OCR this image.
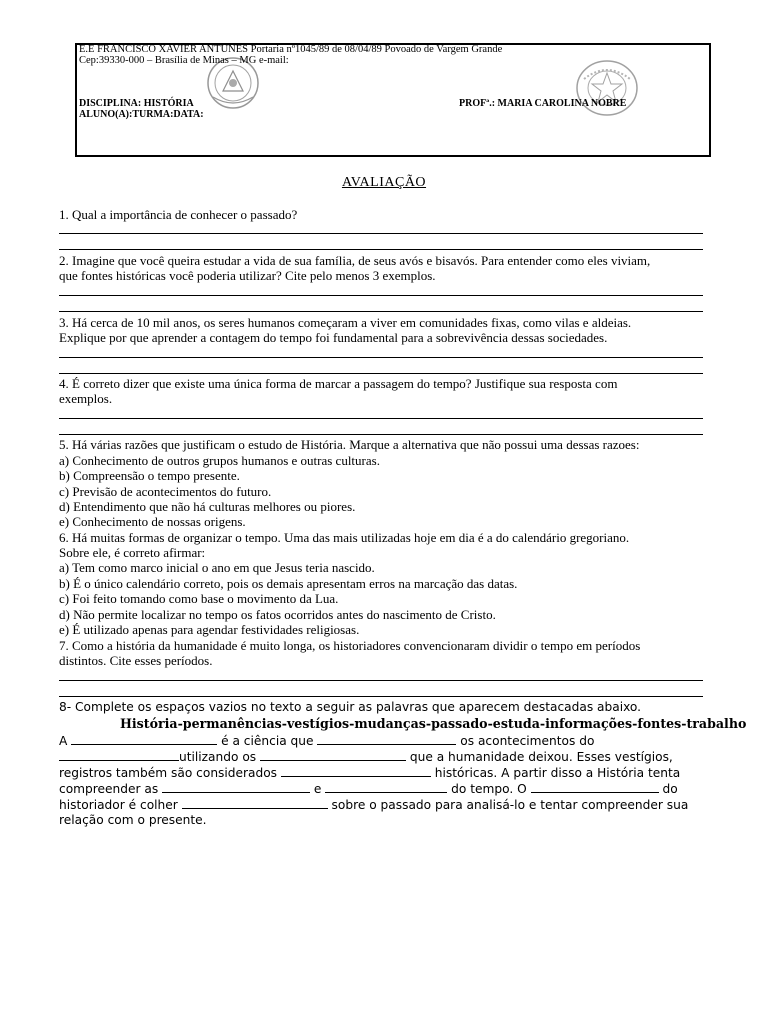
E.E FRANCISCO XAVIER ANTUNES Portaria nº1045/89 de 08/04/89 Povoado de Vargem Grande
Cep:39330-000 – Brasília de Minas – MG e-mail:
DISCIPLINA: HISTÓRIA	PROFª.: MARIA CAROLINA NOBRE
ALUNO(A):TURMA:DATA:
AVALIAÇÃO
1. Qual a importância de conhecer o passado?
2. Imagine que você queira estudar a vida de sua família, de seus avós e bisavós. Para entender como eles viviam,
que fontes históricas você poderia utilizar? Cite pelo menos 3 exemplos.
3. Há cerca de 10 mil anos, os seres humanos começaram a viver em comunidades fixas, como vilas e aldeias.
Explique por que aprender a contagem do tempo foi fundamental para a sobrevivência dessas sociedades.
4. É correto dizer que existe uma única forma de marcar a passagem do tempo? Justifique sua resposta com
exemplos.
5. Há várias razões que justificam o estudo de História. Marque a alternativa que não possui uma dessas razoes:
a) Conhecimento de outros grupos humanos e outras culturas.
b) Compreensão o tempo presente.
c) Previsão de acontecimentos do futuro.
d) Entendimento que não há culturas melhores ou piores.
e) Conhecimento de nossas origens.
6. Há muitas formas de organizar o tempo. Uma das mais utilizadas hoje em dia é a do calendário gregoriano.
Sobre ele, é correto afirmar:
a) Tem como marco inicial o ano em que Jesus teria nascido.
b) É o único calendário correto, pois os demais apresentam erros na marcação das datas.
c) Foi feito tomando como base o movimento da Lua.
d) Não permite localizar no tempo os fatos ocorridos antes do nascimento de Cristo.
e) É utilizado apenas para agendar festividades religiosas.
7. Como a história da humanidade é muito longa, os historiadores convencionaram dividir o tempo em períodos
distintos. Cite esses períodos.
8- Complete os espaços vazios no texto a seguir as palavras que aparecem destacadas abaixo.
História-permanências-vestígios-mudanças-passado-estuda-informações-fontes-trabalho
A	é a ciência que	os acontecimentos do
utilizando os	que a humanidade deixou. Esses vestígios,
registros também são considerados	históricas. A partir disso a História tenta
compreender as	e	do tempo. O	do
historiador é colher	sobre o passado para analisá-lo e tentar compreender sua
relação com o presente.
